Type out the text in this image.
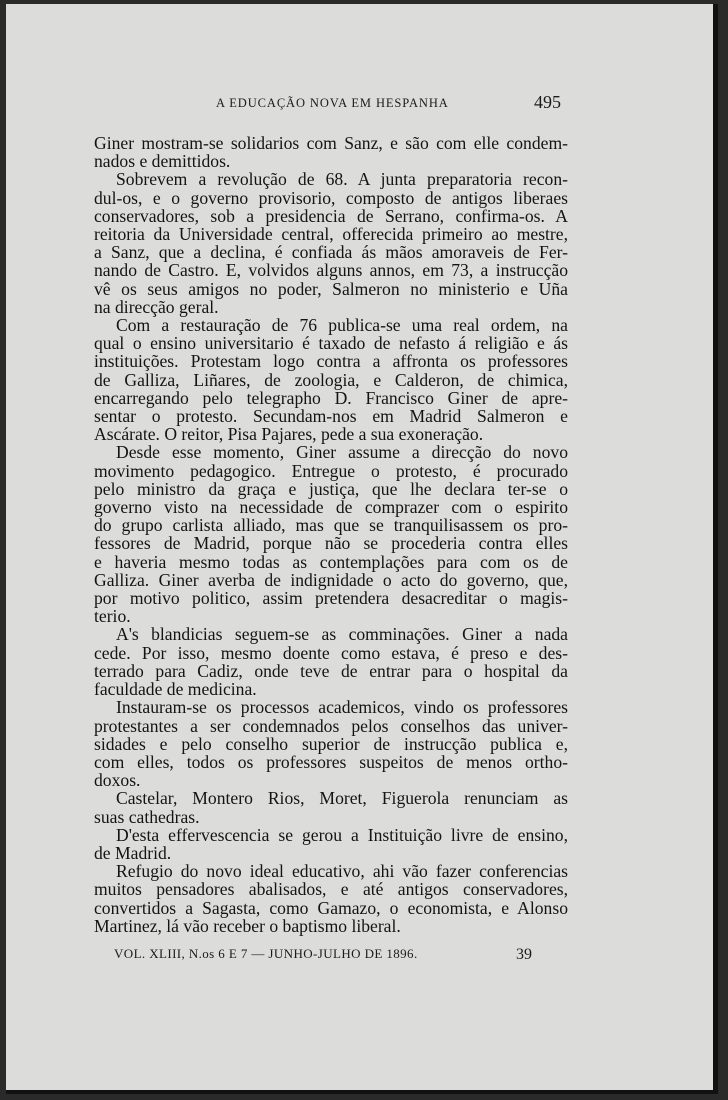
A EDUCAÇÃO NOVA EM HESPANHA	495

Giner mostram-se solidarios com Sanz, e são com elle condem-

nados e demittidos.

Sobrevem a revolução de 68. A junta preparatoria recon-

dul-os, e o governo provisorio, composto de antigos liberaes

conservadores, sob a presidencia de Serrano, confirma-os. A

reitoria da Universidade central, offerecida primeiro ao mestre,

a Sanz, que a declina, é confiada ás mãos amoraveis de Fer-

nando de Castro. E, volvidos alguns annos, em 73, a instrucção

vê os seus amigos no poder, Salmeron no ministerio e Uña

na direcção geral.

Com a restauração de 76 publica-se uma real ordem, na

qual o ensino universitario é taxado de nefasto á religião e ás

instituições. Protestam logo contra a affronta os professores

de Galliza, Liñares, de zoologia, e Calderon, de chimica,

encarregando pelo telegrapho D. Francisco Giner de apre-

sentar o protesto. Secundam-nos em Madrid Salmeron e

Ascárate. O reitor, Pisa Pajares, pede a sua exoneração.

Desde esse momento, Giner assume a direcção do novo

movimento pedagogico. Entregue o protesto, é procurado

pelo ministro da graça e justiça, que lhe declara ter-se o

governo visto na necessidade de comprazer com o espirito

do grupo carlista alliado, mas que se tranquilisassem os pro-

fessores de Madrid, porque não se procederia contra elles

e haveria mesmo todas as contemplações para com os de

Galliza. Giner averba de indignidade o acto do governo, que,

por motivo politico, assim pretendera desacreditar o magis-

terio.

A's blandicias seguem-se as comminações. Giner a nada

cede. Por isso, mesmo doente como estava, é preso e des-

terrado para Cadiz, onde teve de entrar para o hospital da

faculdade de medicina.

Instauram-se os processos academicos, vindo os professores

protestantes a ser condemnados pelos conselhos das univer-

sidades e pelo conselho superior de instrucção publica e,

com elles, todos os professores suspeitos de menos ortho-

doxos.

Castelar, Montero Rios, Moret, Figuerola renunciam as

suas cathedras.

D'esta effervescencia se gerou a Instituição livre de ensino,

de Madrid.

Refugio do novo ideal educativo, ahi vão fazer conferencias

muitos pensadores abalisados, e até antigos conservadores,

convertidos a Sagasta, como Gamazo, o economista, e Alonso

Martinez, lá vão receber o baptismo liberal.

VOL. XLIII, N.os 6 E 7 — JUNHO-JULHO DE 1896.	39
